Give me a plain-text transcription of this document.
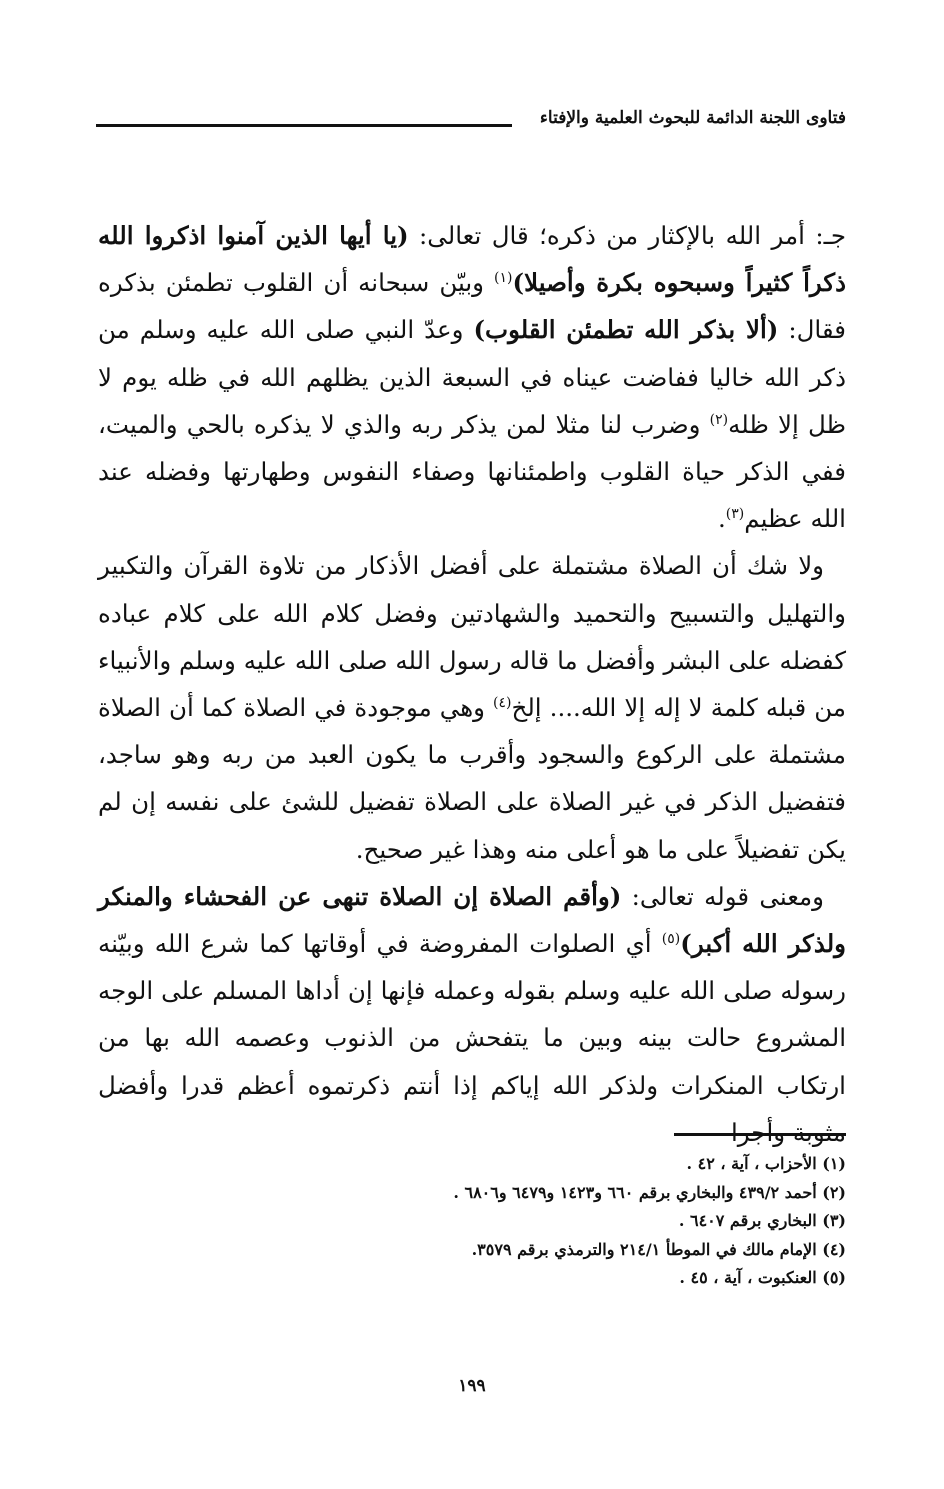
فتاوى اللجنة الدائمة للبحوث العلمية والإفتاء

جـ: أمر الله بالإكثار من ذكره؛ قال تعالى: (يا أيها الذين آمنوا اذكروا الله ذكراً كثيراً وسبحوه بكرة وأصيلا)$^{(١)}$ وبيّن سبحانه أن القلوب تطمئن بذكره فقال: (ألا بذكر الله تطمئن القلوب) وعدّ النبي صلى الله عليه وسلم من ذكر الله خاليا ففاضت عيناه في السبعة الذين يظلهم الله في ظله يوم لا ظل إلا ظله$^{(٢)}$ وضرب لنا مثلا لمن يذكر ربه والذي لا يذكره بالحي والميت، ففي الذكر حياة القلوب واطمئنانها وصفاء النفوس وطهارتها وفضله عند الله عظيم$^{(٣)}$.

ولا شك أن الصلاة مشتملة على أفضل الأذكار من تلاوة القرآن والتكبير والتهليل والتسبيح والتحميد والشهادتين وفضل كلام الله على كلام عباده كفضله على البشر وأفضل ما قاله رسول الله صلى الله عليه وسلم والأنبياء من قبله كلمة لا إله إلا الله.... إلخ$^{(٤)}$ وهي موجودة في الصلاة كما أن الصلاة مشتملة على الركوع والسجود وأقرب ما يكون العبد من ربه وهو ساجد، فتفضيل الذكر في غير الصلاة على الصلاة تفضيل للشئ على نفسه إن لم يكن تفضيلاً على ما هو أعلى منه وهذا غير صحيح.

ومعنى قوله تعالى: (وأقم الصلاة إن الصلاة تنهى عن الفحشاء والمنكر ولذكر الله أكبر)$^{(٥)}$ أي الصلوات المفروضة في أوقاتها كما شرع الله وبيّنه رسوله صلى الله عليه وسلم بقوله وعمله فإنها إن أداها المسلم على الوجه المشروع حالت بينه وبين ما يتفحش من الذنوب وعصمه الله بها من ارتكاب المنكرات ولذكر الله إياكم إذا أنتم ذكرتموه أعظم قدرا وأفضل مثوبة وأجرا

(١) الأحزاب ، آية ، ٤٢ .
(٢) أحمد ٤٣٩/٢ والبخاري برقم ٦٦٠ و١٤٢٣ و٦٤٧٩ و٦٨٠٦ .
(٣) البخاري برقم ٦٤٠٧ .
(٤) الإمام مالك في الموطأ ٢١٤/١ والترمذي برقم ٣٥٧٩.
(٥) العنكبوت ، آية ، ٤٥ .
١٩٩
